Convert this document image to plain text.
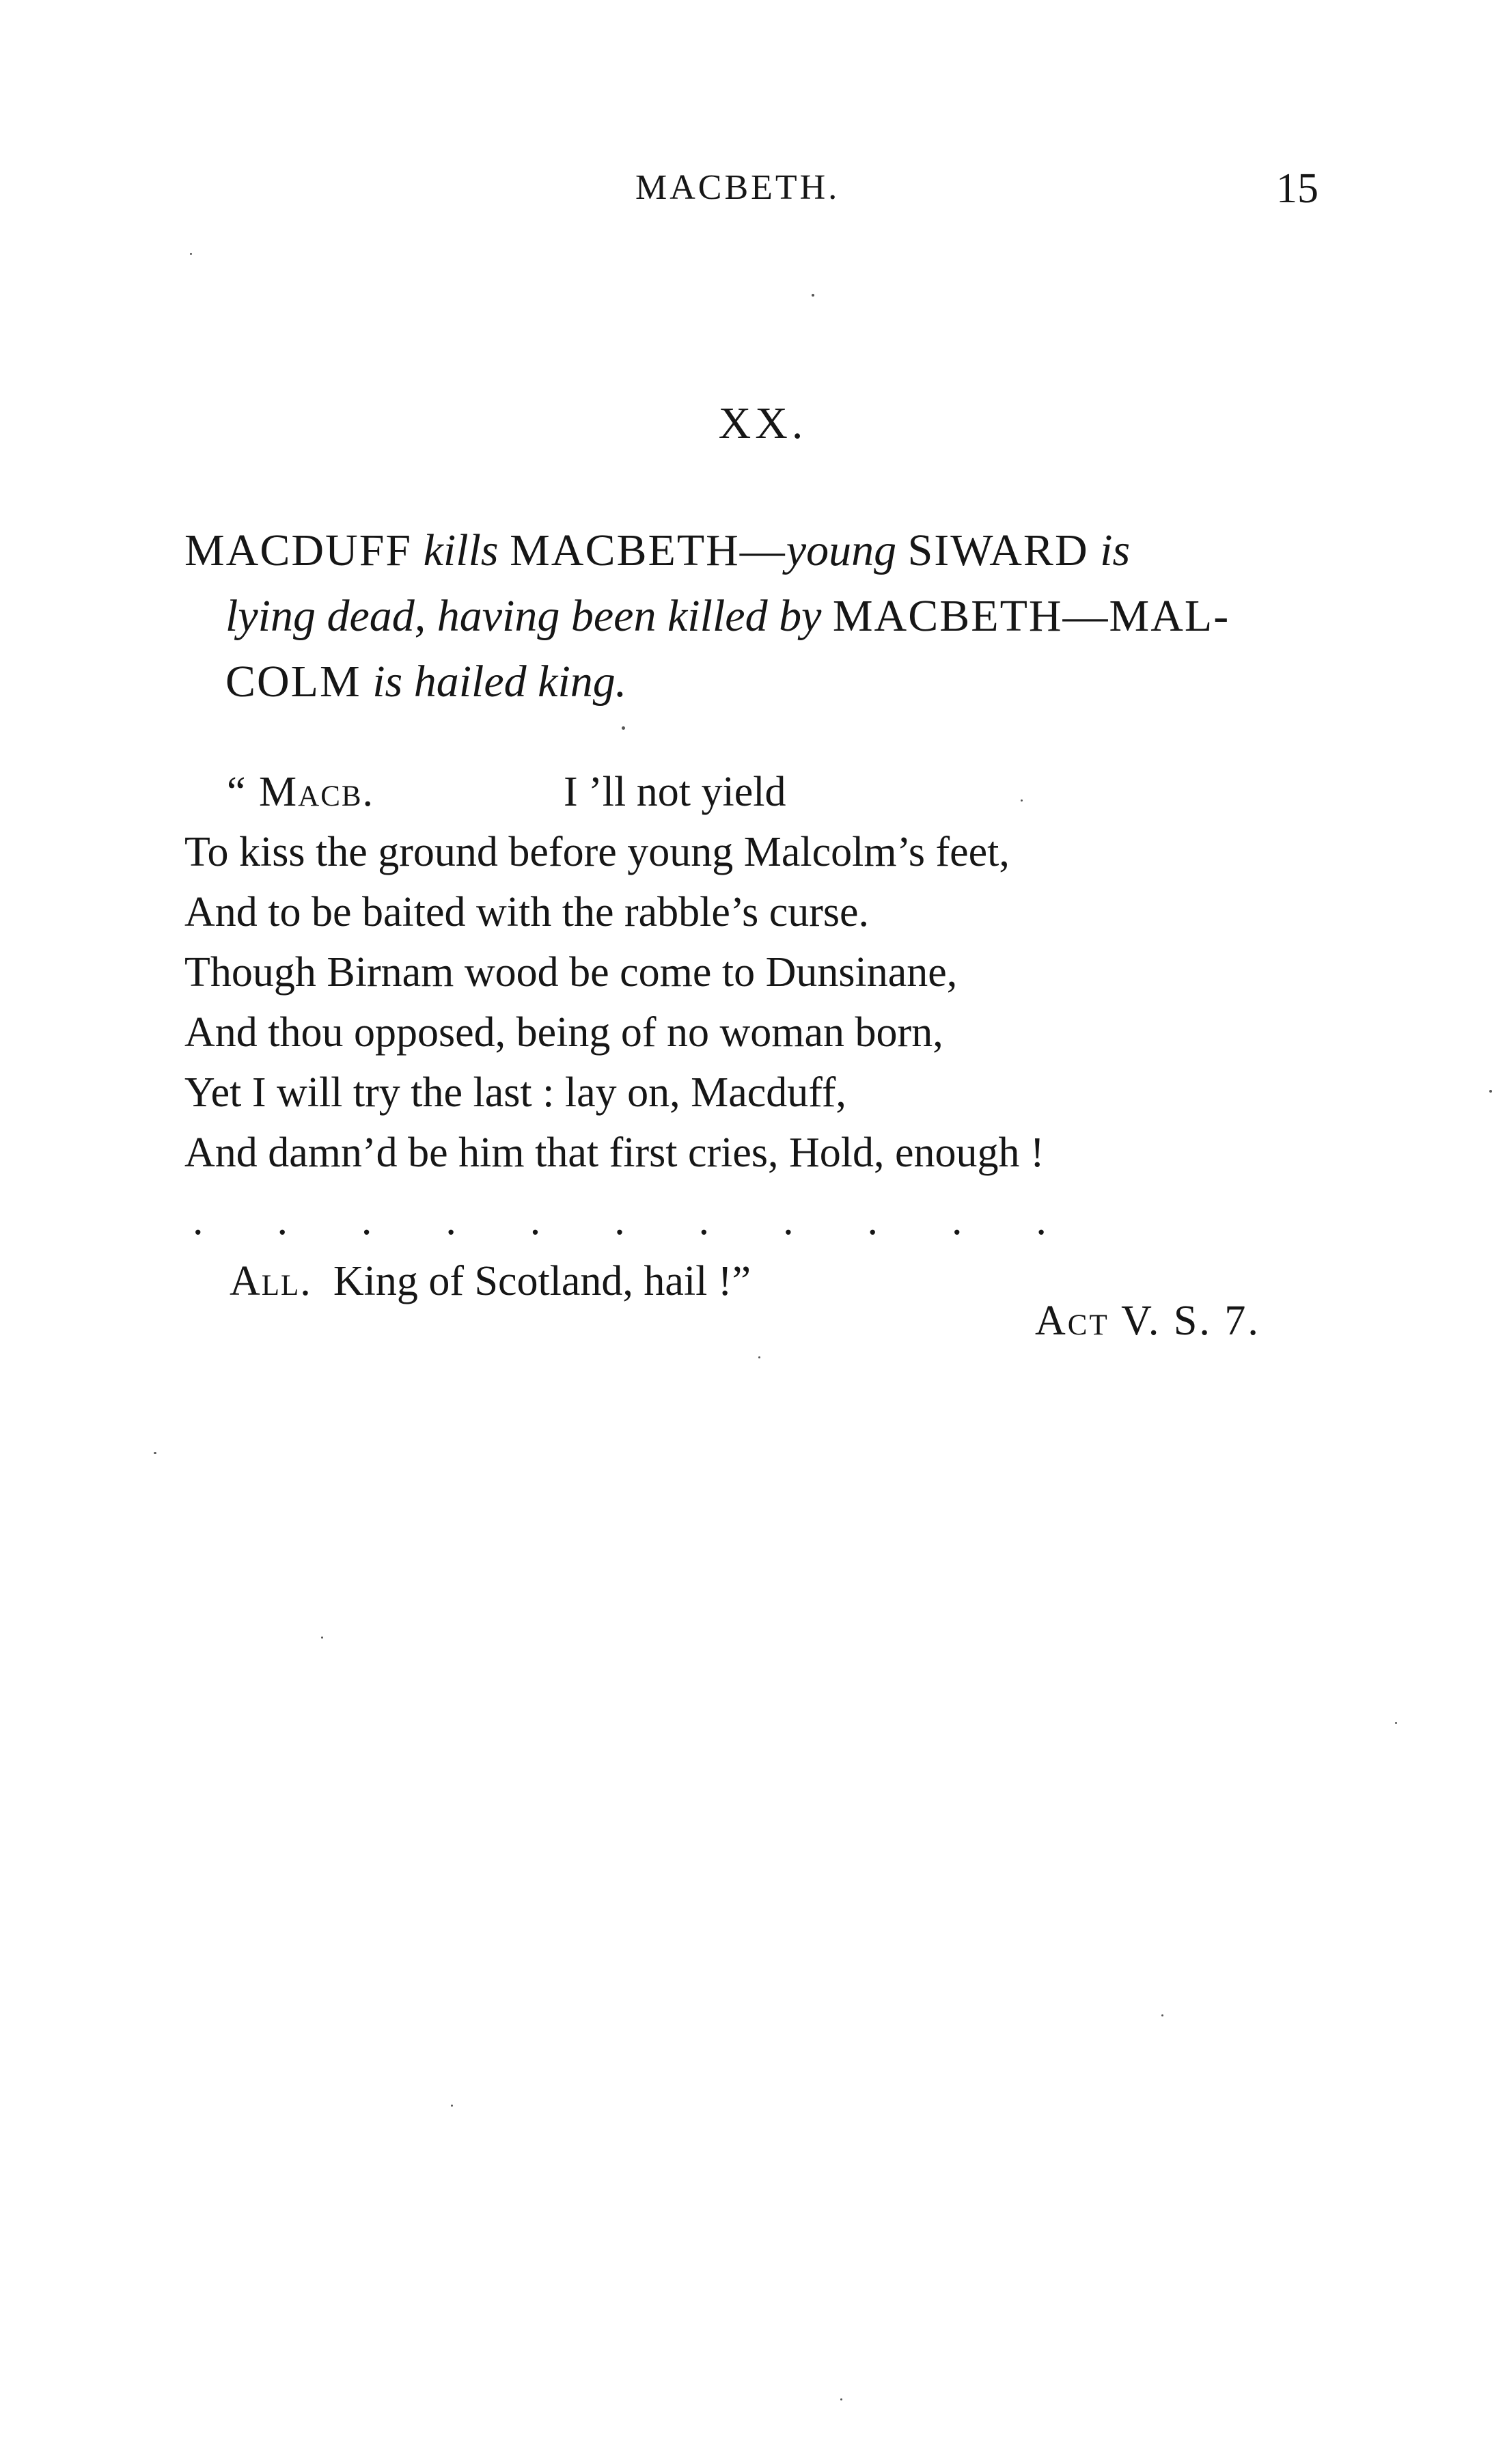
MACBETH.	15
XX.
MACDUFF kills MACBETH—young SIWARD is
lying dead, having been killed by MACBETH—MAL-
COLM is hailed king.
“ Macb.	I ’ll not yield
To kiss the ground before young Malcolm’s feet,
And to be baited with the rabble’s curse.
Though Birnam wood be come to Dunsinane,
And thou opposed, being of no woman born,
Yet I will try the last : lay on, Macduff,
And damn’d be him that first cries, Hold, enough !
. . . . . . . . . . .
All. King of Scotland, hail !”
Act V. S. 7.
